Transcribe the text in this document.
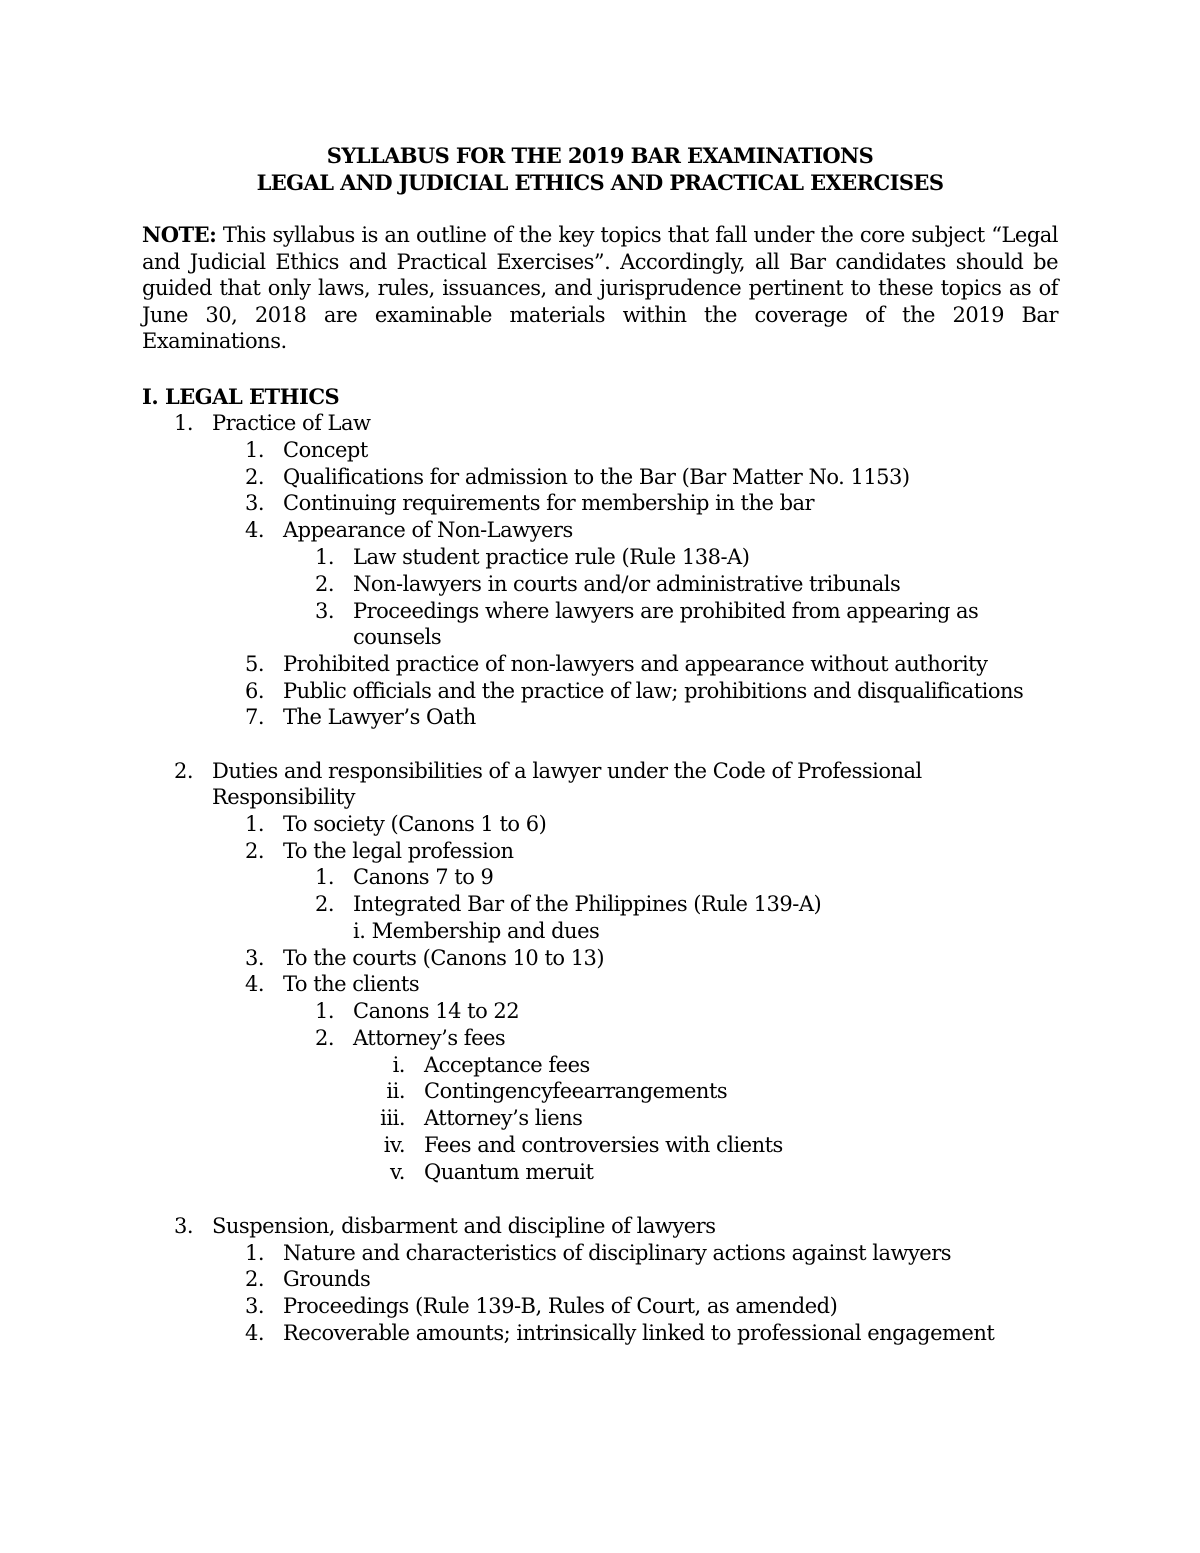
SYLLABUS FOR THE 2019 BAR EXAMINATIONS
LEGAL AND JUDICIAL ETHICS AND PRACTICAL EXERCISES
NOTE: This syllabus is an outline of the key topics that fall under the core subject “Legal and Judicial Ethics and Practical Exercises”. Accordingly, all Bar candidates should be guided that only laws, rules, issuances, and jurisprudence pertinent to these topics as of June 30, 2018 are examinable materials within the coverage of the 2019 Bar Examinations.
I. LEGAL ETHICS
1. Practice of Law
1. Concept
2. Qualifications for admission to the Bar (Bar Matter No. 1153)
3. Continuing requirements for membership in the bar
4. Appearance of Non-Lawyers
1. Law student practice rule (Rule 138-A)
2. Non-lawyers in courts and/or administrative tribunals
3. Proceedings where lawyers are prohibited from appearing as
counsels
5. Prohibited practice of non-lawyers and appearance without authority
6. Public officials and the practice of law; prohibitions and disqualifications
7. The Lawyer’s Oath
2. Duties and responsibilities of a lawyer under the Code of Professional
Responsibility
1. To society (Canons 1 to 6)
2. To the legal profession
1. Canons 7 to 9
2. Integrated Bar of the Philippines (Rule 139-A)
i. Membership and dues
3. To the courts (Canons 10 to 13)
4. To the clients
1. Canons 14 to 22
2. Attorney’s fees
i. Acceptance fees
ii. Contingencyfeearrangements
iii. Attorney’s liens
iv. Fees and controversies with clients
v. Quantum meruit
3. Suspension, disbarment and discipline of lawyers
1. Nature and characteristics of disciplinary actions against lawyers
2. Grounds
3. Proceedings (Rule 139-B, Rules of Court, as amended)
4. Recoverable amounts; intrinsically linked to professional engagement
